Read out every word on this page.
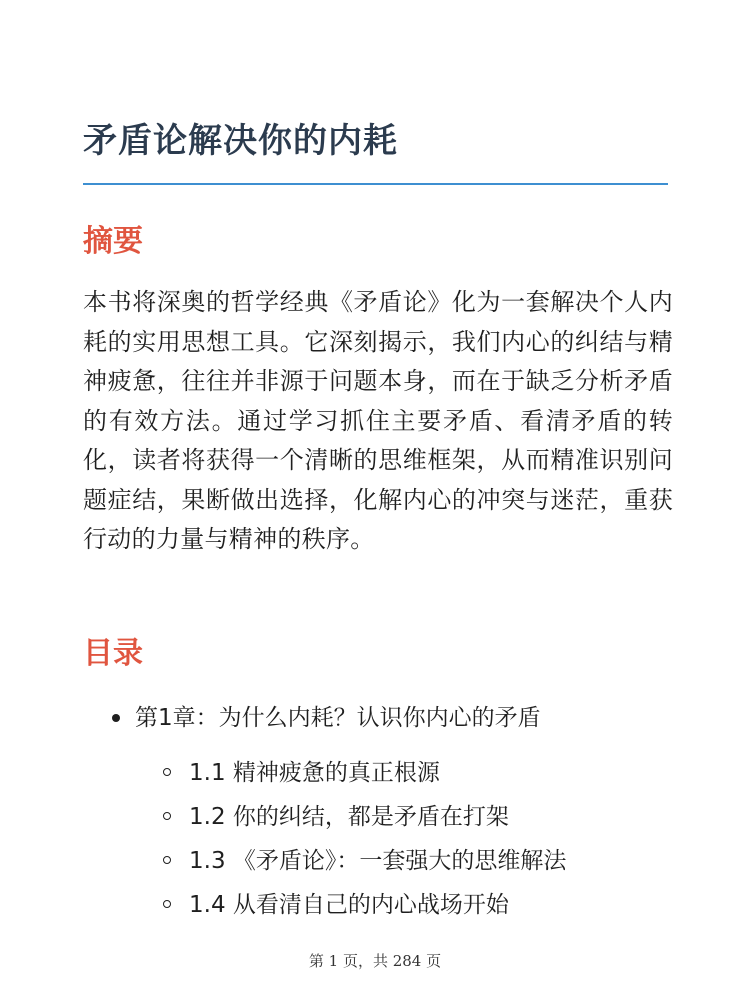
矛盾论解决你的内耗
摘要

本书将深奥的哲学经典《矛盾论》化为一套解决个人内耗的实用思想工具。它深刻揭示，我们内心的纠结与精神疲惫，往往并非源于问题本身，而在于缺乏分析矛盾的有效方法。通过学习抓住主要矛盾、看清矛盾的转化，读者将获得一个清晰的思维框架，从而精准识别问题症结，果断做出选择，化解内心的冲突与迷茫，重获行动的力量与精神的秩序。

目录
第1章：为什么内耗？认识你内心的矛盾
1.1 精神疲惫的真正根源
1.2 你的纠结，都是矛盾在打架
1.3 《矛盾论》：一套强大的思维解法
1.4 从看清自己的内心战场开始
第 1 页，共 284 页
